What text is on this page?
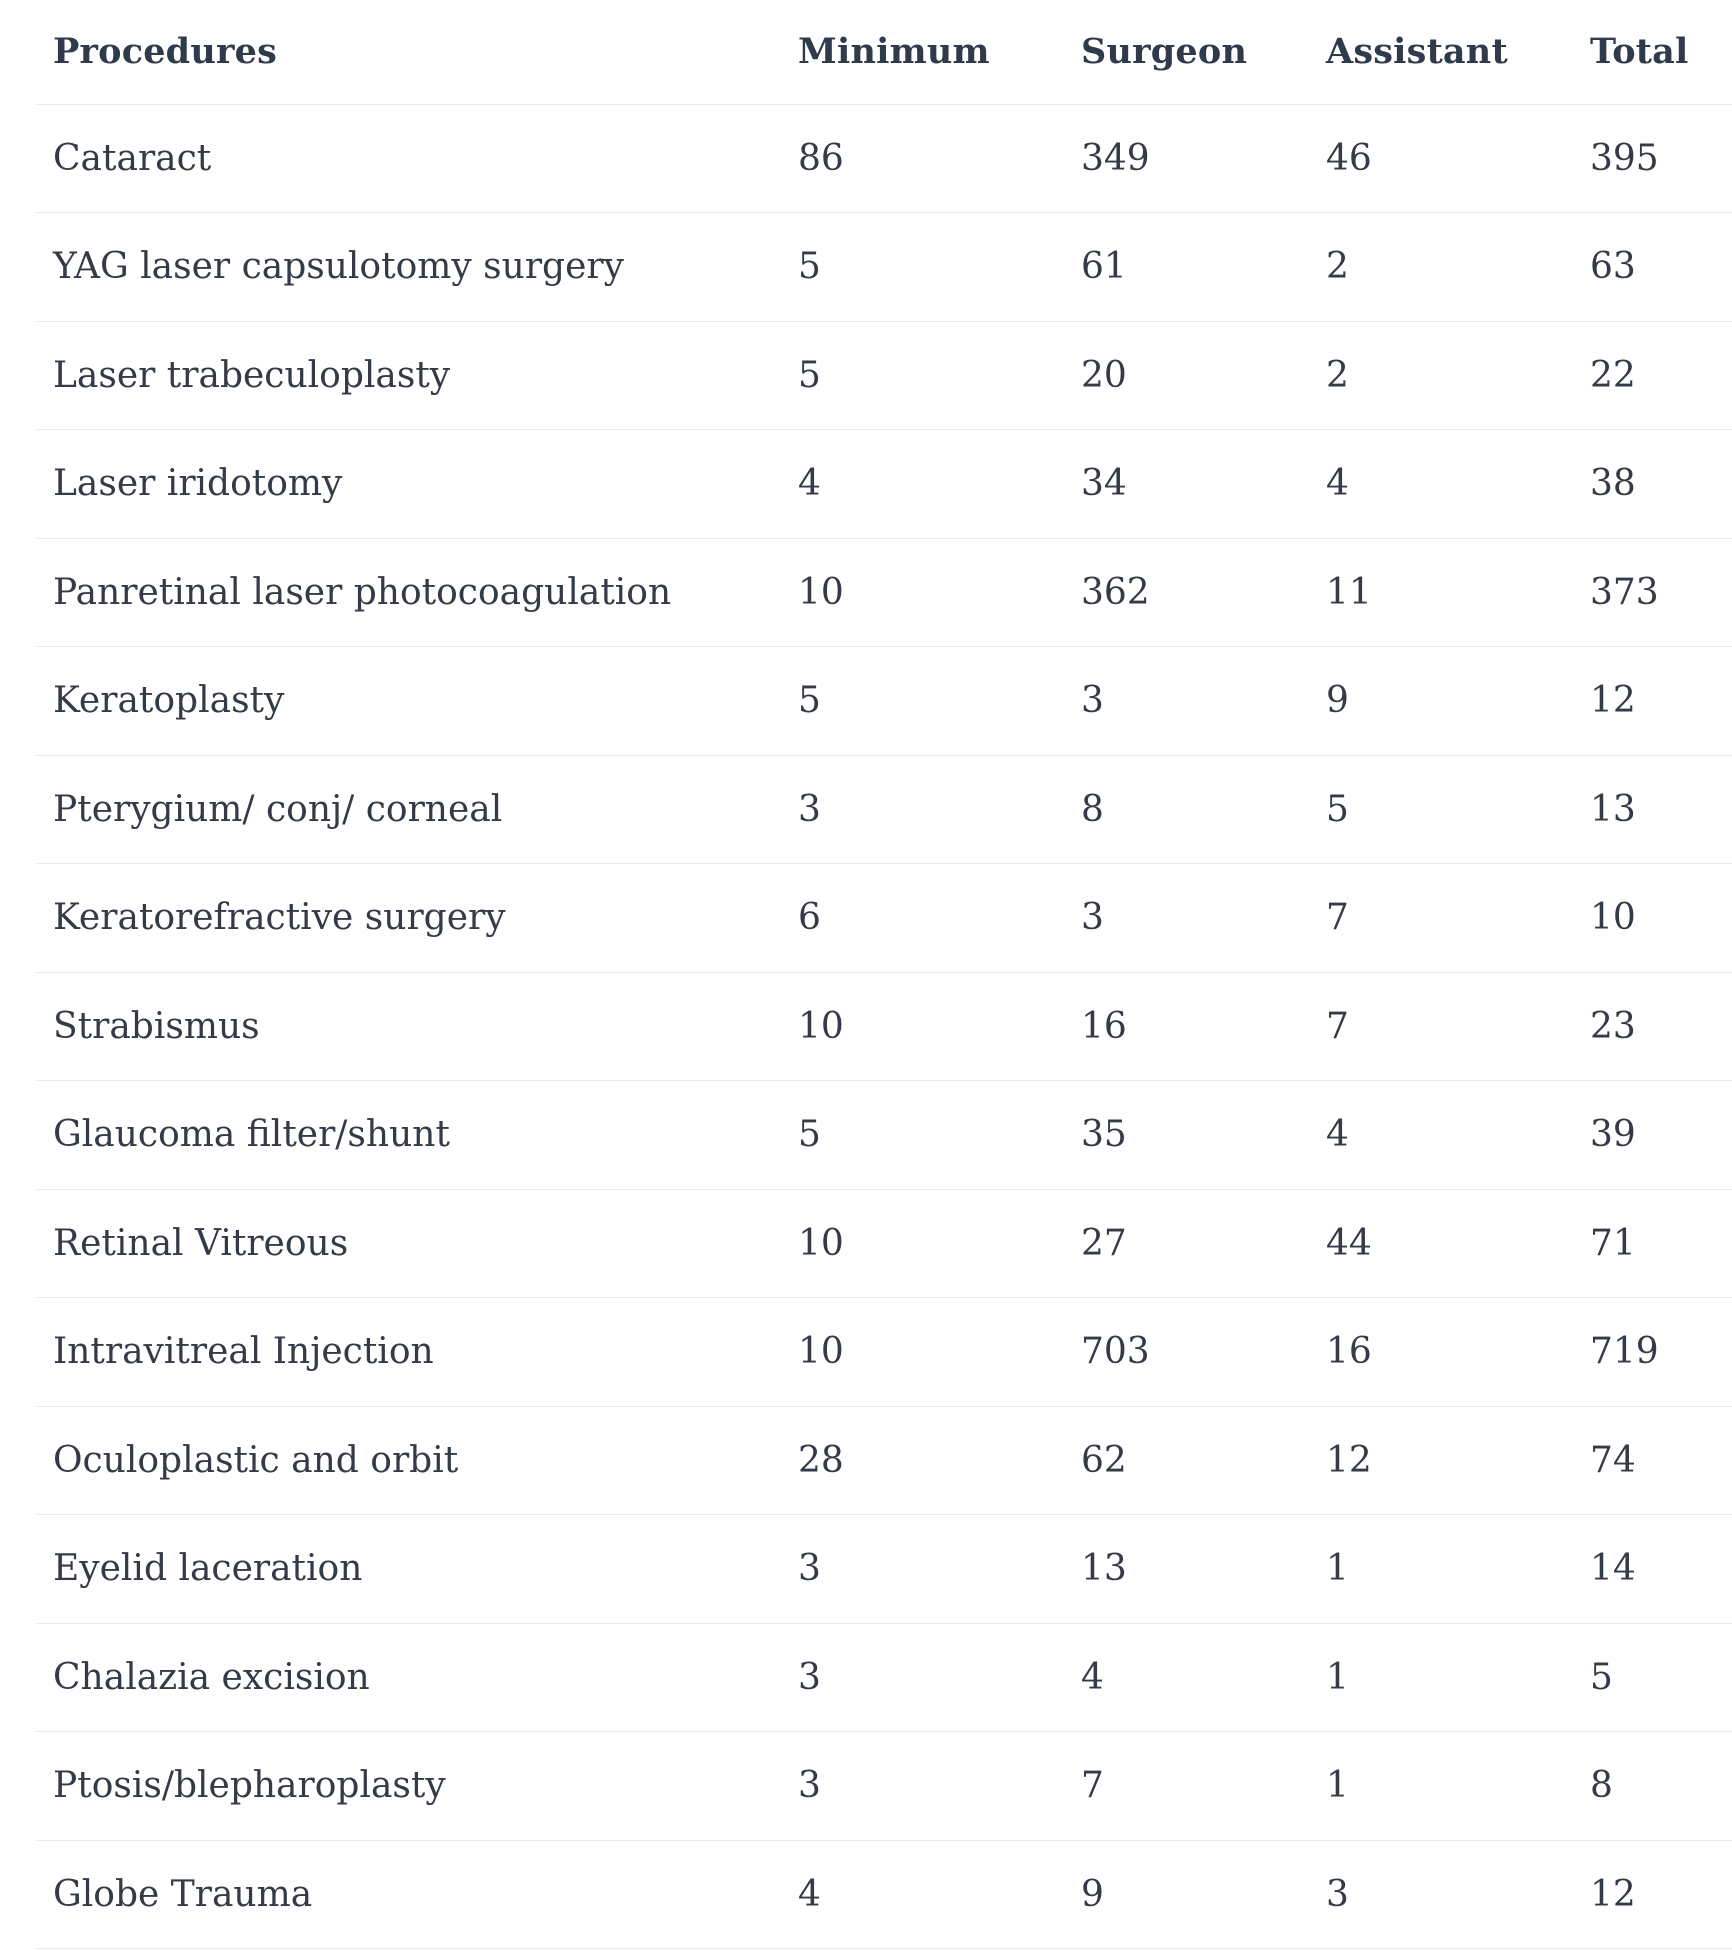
Procedures	Minimum	Surgeon	Assistant	Total
Cataract	86	349	46	395
YAG laser capsulotomy surgery	5	61	2	63
Laser trabeculoplasty	5	20	2	22
Laser iridotomy	4	34	4	38
Panretinal laser photocoagulation	10	362	11	373
Keratoplasty	5	3	9	12
Pterygium/ conj/ corneal	3	8	5	13
Keratorefractive surgery	6	3	7	10
Strabismus	10	16	7	23
Glaucoma filter/shunt	5	35	4	39
Retinal Vitreous	10	27	44	71
Intravitreal Injection	10	703	16	719
Oculoplastic and orbit	28	62	12	74
Eyelid laceration	3	13	1	14
Chalazia excision	3	4	1	5
Ptosis/blepharoplasty	3	7	1	8
Globe Trauma	4	9	3	12
